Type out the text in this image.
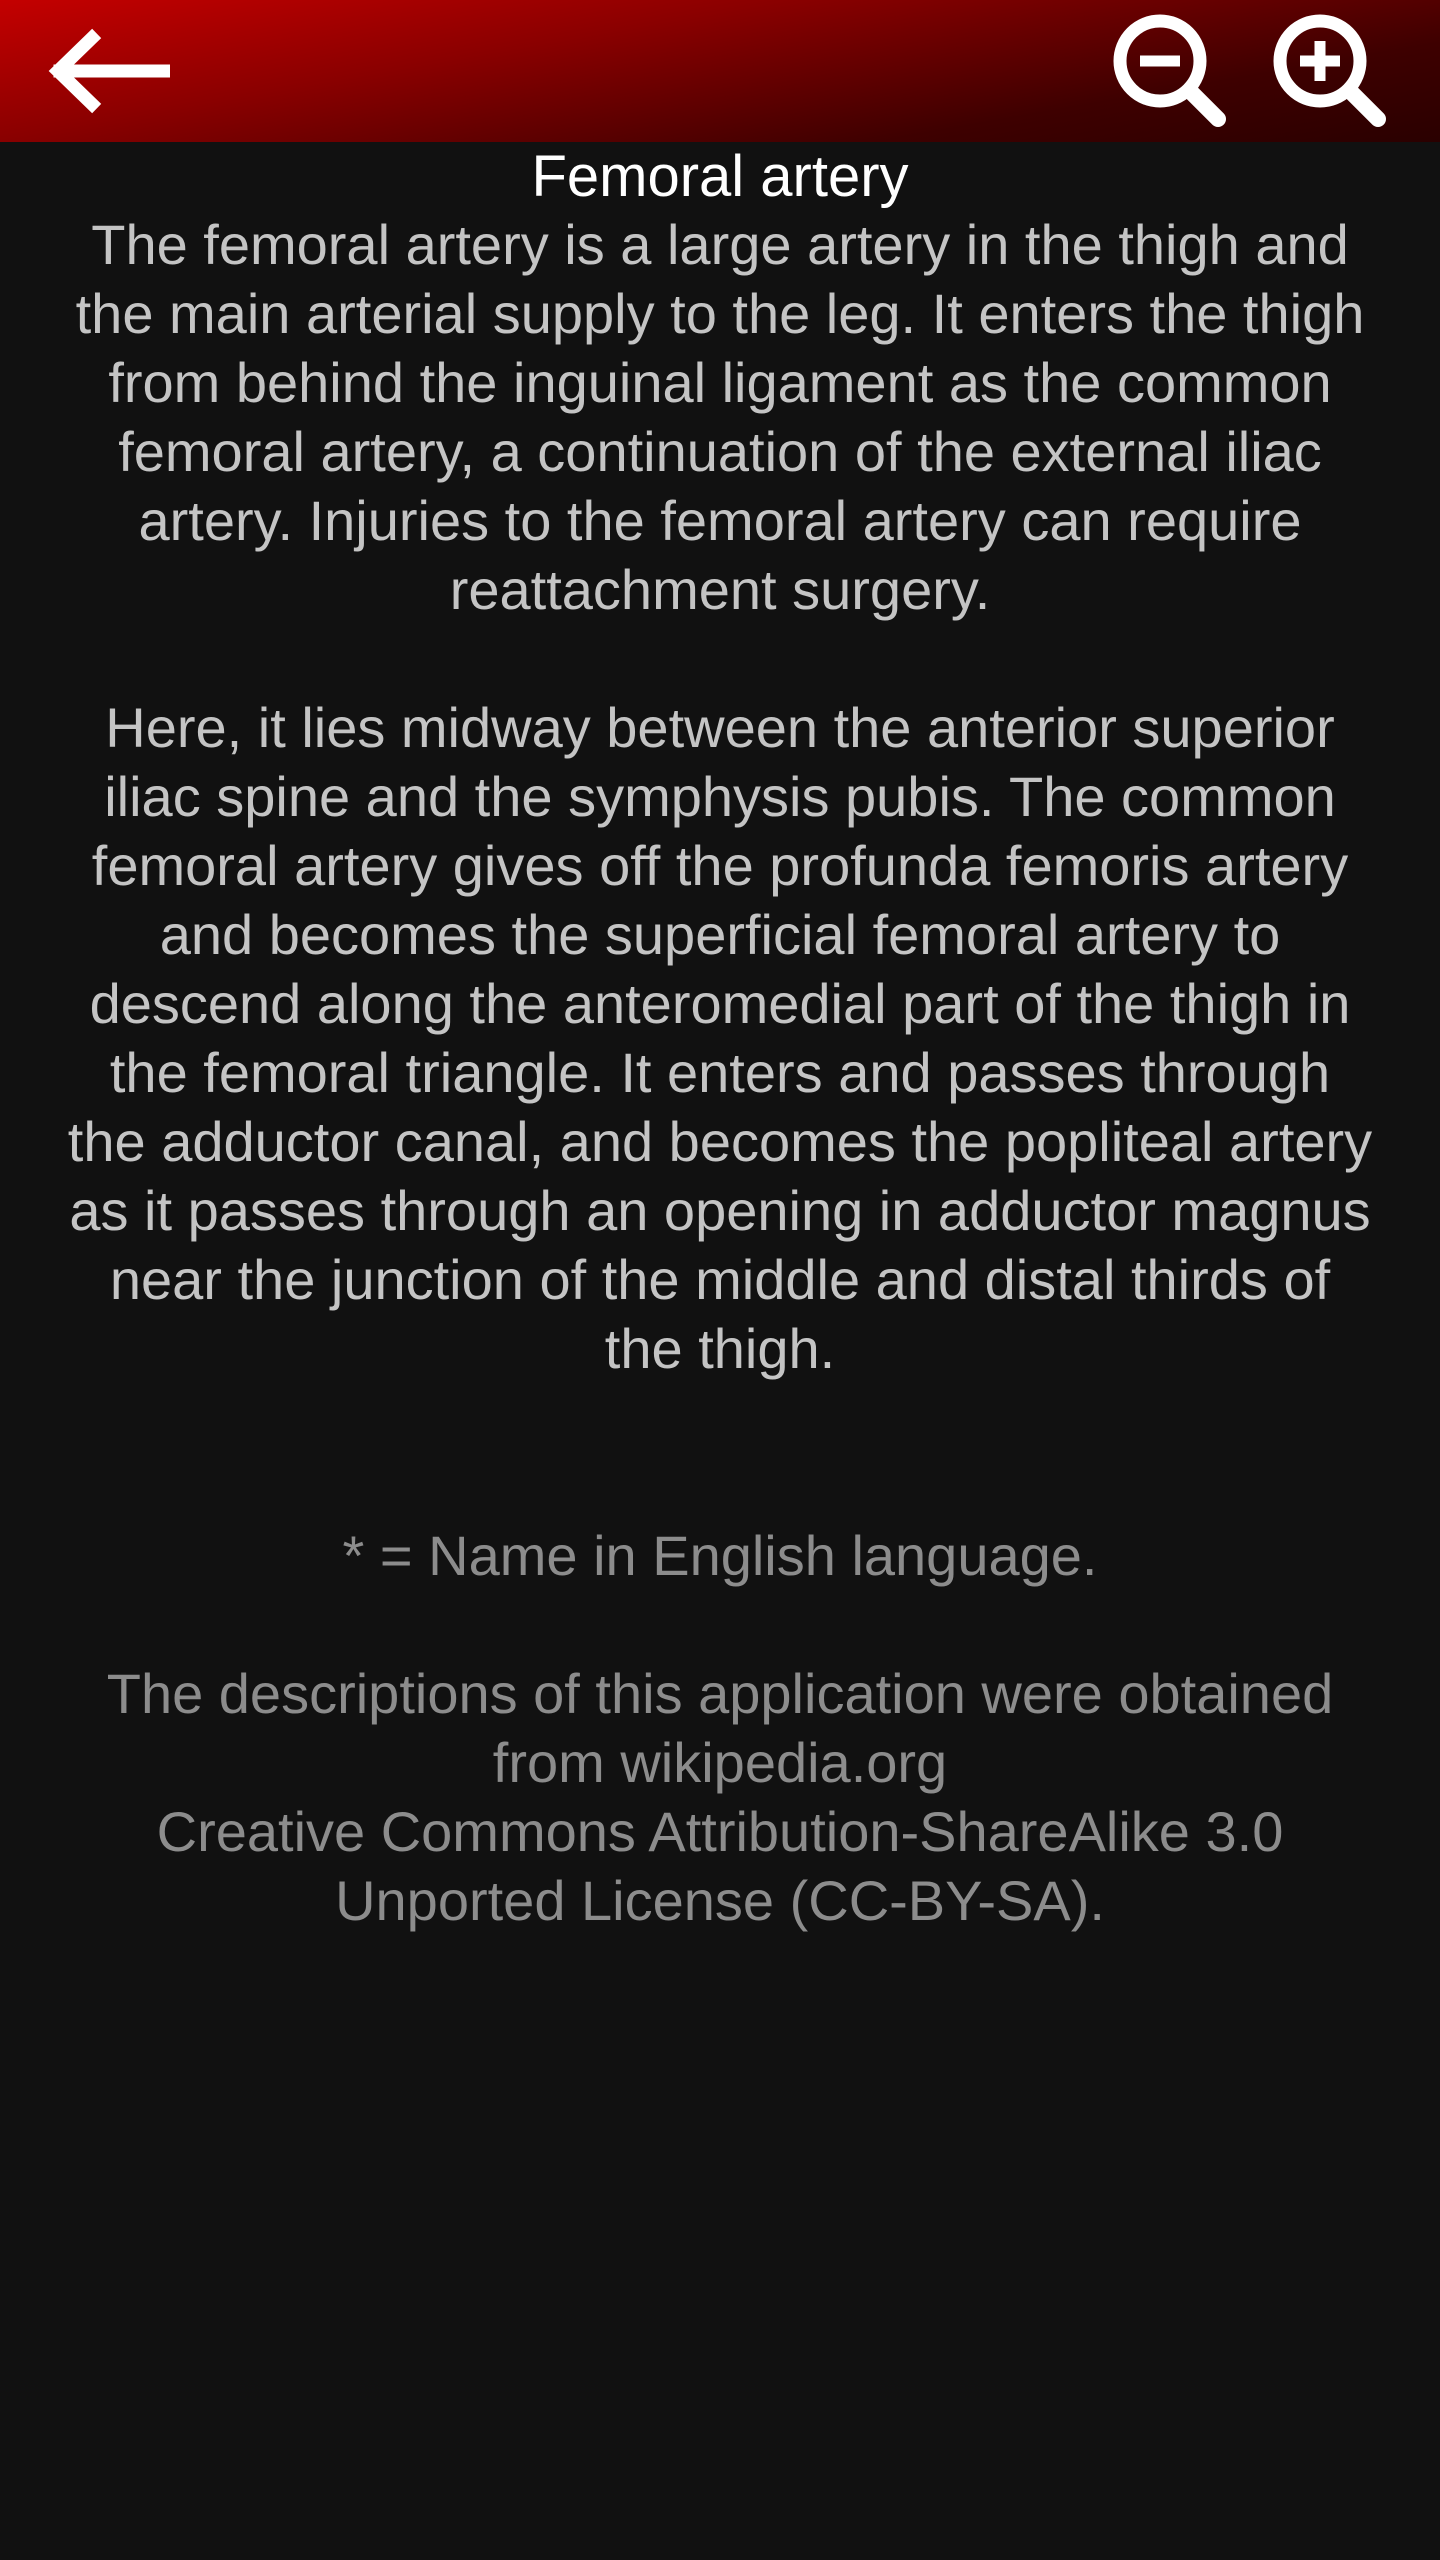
Femoral artery
The femoral artery is a large artery in the thigh and
the main arterial supply to the leg. It enters the thigh
from behind the inguinal ligament as the common
femoral artery, a continuation of the external iliac
artery. Injuries to the femoral artery can require
reattachment surgery.
Here, it lies midway between the anterior superior
iliac spine and the symphysis pubis. The common
femoral artery gives off the profunda femoris artery
and becomes the superficial femoral artery to
descend along the anteromedial part of the thigh in
the femoral triangle. It enters and passes through
the adductor canal, and becomes the popliteal artery
as it passes through an opening in adductor magnus
near the junction of the middle and distal thirds of
the thigh.
* = Name in English language.
The descriptions of this application were obtained
from wikipedia.org
Creative Commons Attribution-ShareAlike 3.0
Unported License (CC-BY-SA).
